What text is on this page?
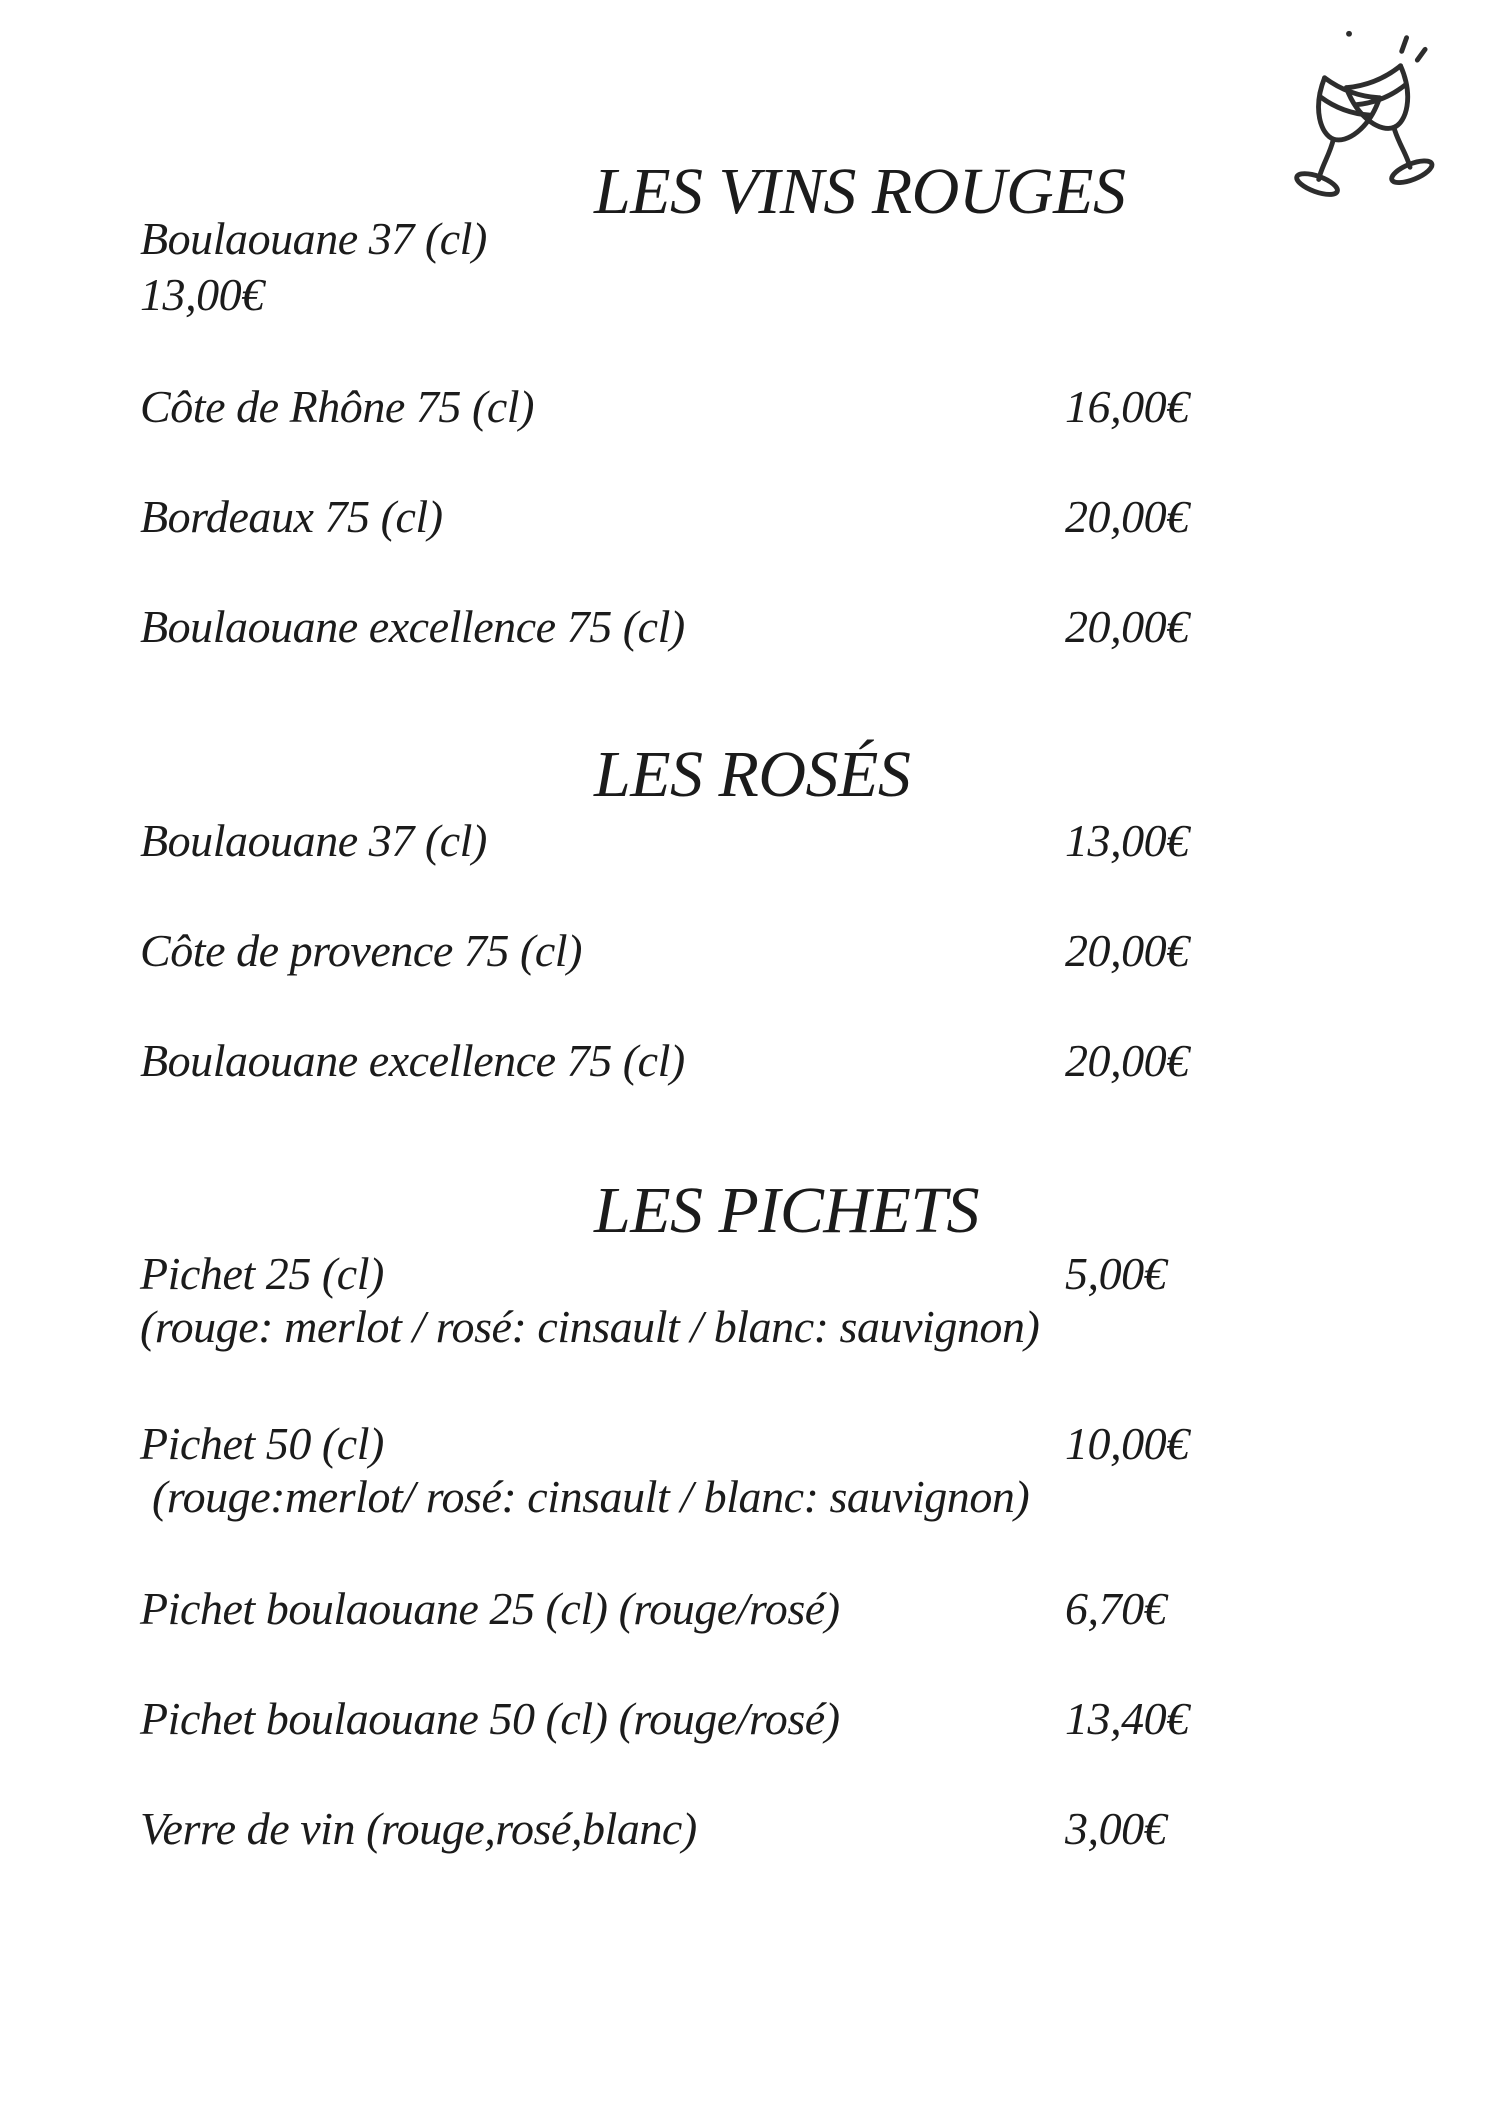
LES VINS ROUGES
Boulaouane 37 (cl)
13,00€
Côte de Rhône 75 (cl)	16,00€
Bordeaux 75 (cl)	20,00€
Boulaouane excellence 75 (cl)	20,00€
LES ROSÉS
Boulaouane 37 (cl)	13,00€
Côte de provence 75 (cl)	20,00€
Boulaouane excellence 75 (cl)	20,00€
LES PICHETS
Pichet 25 (cl)	5,00€
(rouge: merlot / rosé: cinsault / blanc: sauvignon)
Pichet 50 (cl)	10,00€
(rouge:merlot/ rosé: cinsault / blanc: sauvignon)
Pichet boulaouane 25 (cl) (rouge/rosé)	6,70€
Pichet boulaouane 50 (cl) (rouge/rosé)	13,40€
Verre de vin (rouge,rosé,blanc)	3,00€
